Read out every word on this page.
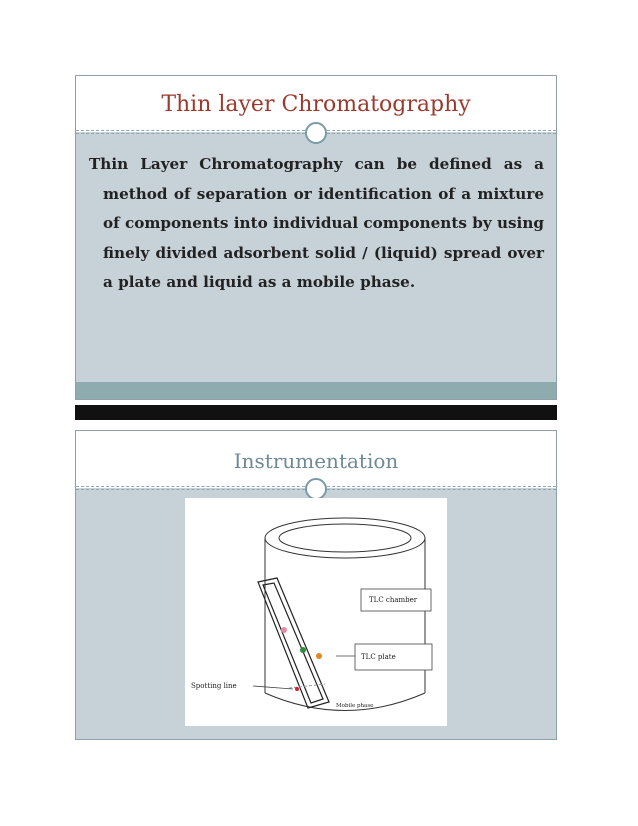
Thin layer Chromatography

Thin Layer Chromatography can be defined as a method of separation or identification of a mixture of components into individual components by using finely divided adsorbent solid / (liquid) spread over a plate and liquid as a mobile phase.

Instrumentation
TLC chamber
TLC plate
Spotting line
Mobile phase
